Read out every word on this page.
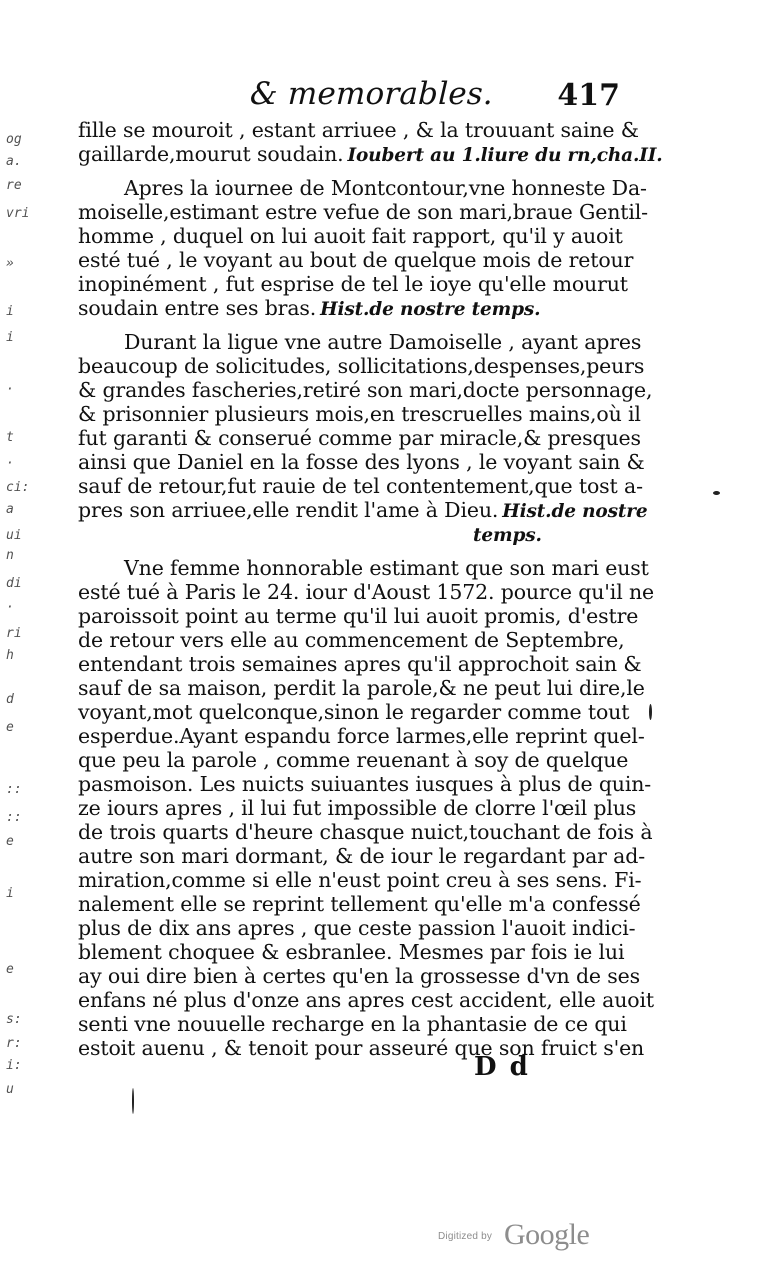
& memorables. 417
og
a.
re
vri
»
i
i
·
t
·
a
ci:
ui
n
di
·
ri
h
d
e
::
::
e
i
e
s:
r:
i:
u
fille se mouroit , estant arriuee , & la trouuant saine &
gaillarde,mourut soudain. Ioubert au 1.liure du rn,cha.II.
Apres la iournee de Montcontour,vne honneste Da-
moiselle,estimant estre vefue de son mari,braue Gentil-
homme , duquel on lui auoit fait rapport, qu'il y auoit
esté tué , le voyant au bout de quelque mois de retour
inopinément , fut esprise de tel le ioye qu'elle mourut
soudain entre ses bras. Hist.de nostre temps.
Durant la ligue vne autre Damoiselle , ayant apres
beaucoup de solicitudes, sollicitations,despenses,peurs
& grandes fascheries,retiré son mari,docte personnage,
& prisonnier plusieurs mois,en trescruelles mains,où il
fut garanti & conserué comme par miracle,& presques
ainsi que Daniel en la fosse des lyons , le voyant sain &
sauf de retour,fut rauie de tel contentement,que tost a-
pres son arriuee,elle rendit l'ame à Dieu. Hist.de nostre
temps.
Vne femme honnorable estimant que son mari eust
esté tué à Paris le 24. iour d'Aoust 1572. pource qu'il ne
paroissoit point au terme qu'il lui auoit promis, d'estre
de retour vers elle au commencement de Septembre,
entendant trois semaines apres qu'il approchoit sain &
sauf de sa maison, perdit la parole,& ne peut lui dire,le
voyant,mot quelconque,sinon le regarder comme tout
esperdue.Ayant espandu force larmes,elle reprint quel-
que peu la parole , comme reuenant à soy de quelque
pasmoison. Les nuicts suiuantes iusques à plus de quin-
ze iours apres , il lui fut impossible de clorre l'œil plus
de trois quarts d'heure chasque nuict,touchant de fois à
autre son mari dormant, & de iour le regardant par ad-
miration,comme si elle n'eust point creu à ses sens. Fi-
nalement elle se reprint tellement qu'elle m'a confessé
plus de dix ans apres , que ceste passion l'auoit indici-
blement choquee & esbranlee. Mesmes par fois ie lui
ay oui dire bien à certes qu'en la grossesse d'vn de ses
enfans né plus d'onze ans apres cest accident, elle auoit
senti vne nouuelle recharge en la phantasie de ce qui
estoit auenu , & tenoit pour asseuré que son fruict s'en
D d
Digitized by Google
